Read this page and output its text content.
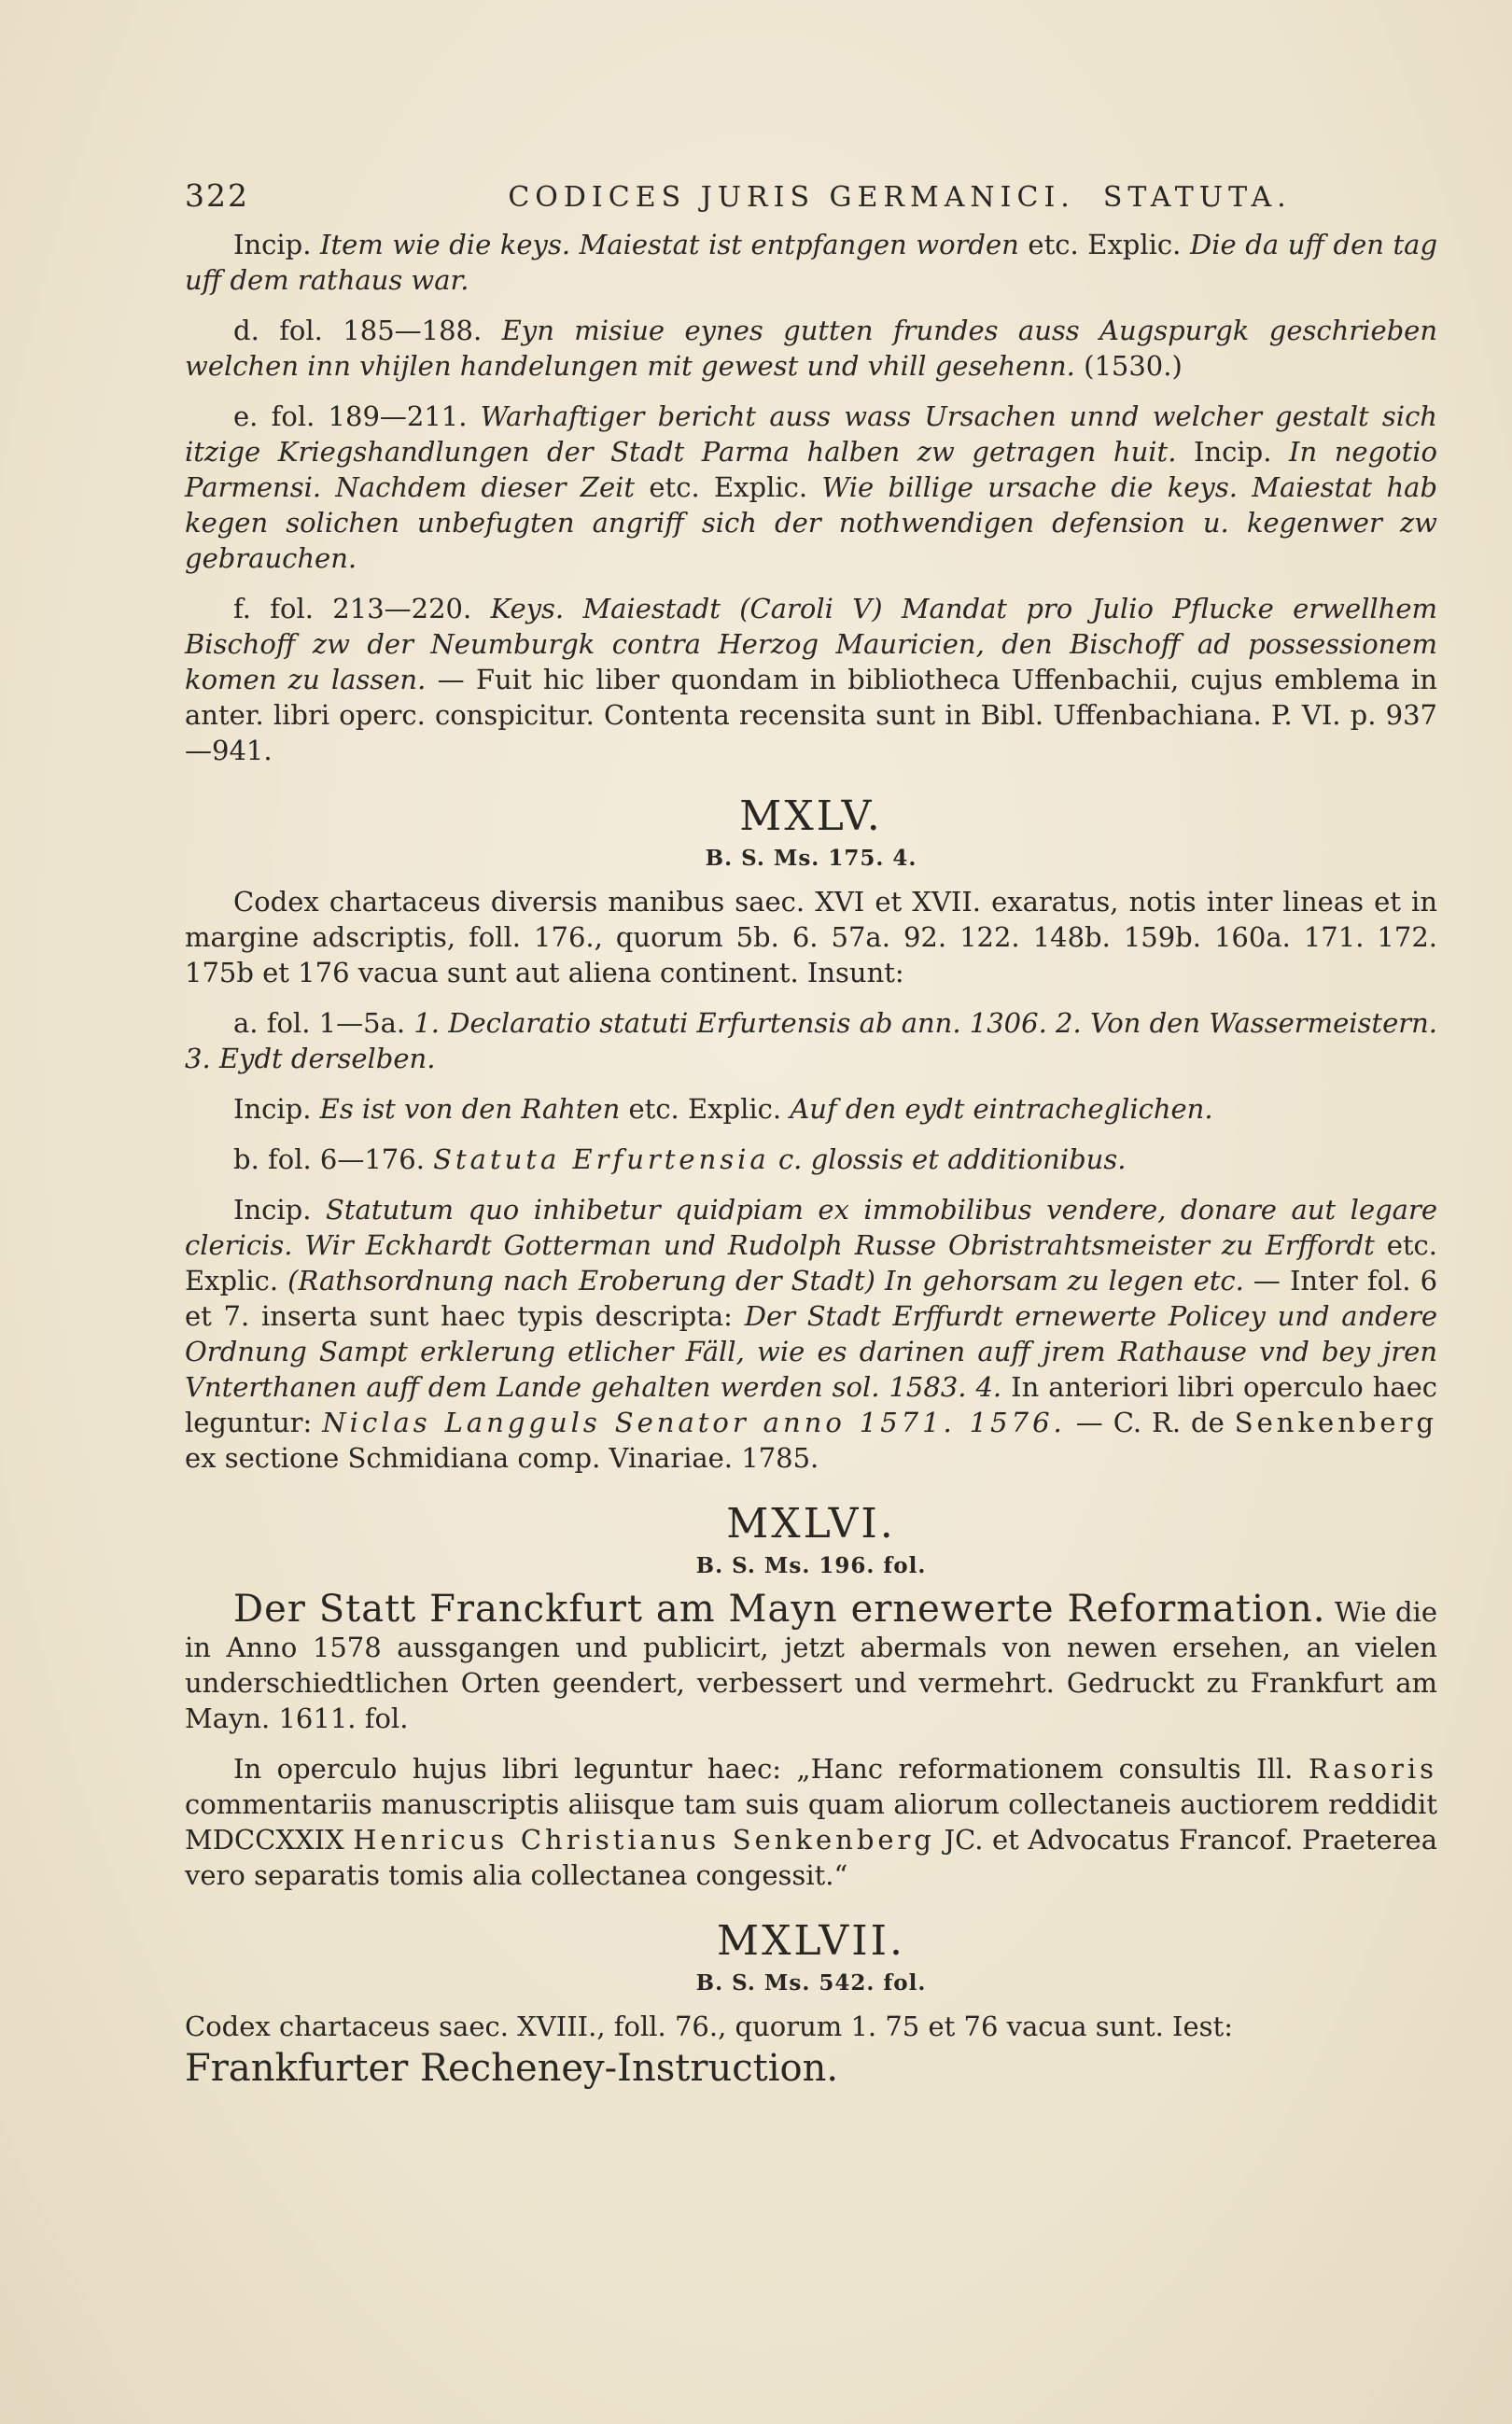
322	CODICES JURIS GERMANICI. STATUTA.

Incip. Item wie die keys. Maiestat ist entpfangen worden etc. Explic. Die da uff den tag uff dem rathaus war.

d. fol. 185—188. Eyn misiue eynes gutten frundes auss Augspurgk geschrieben welchen inn vhijlen handelungen mit gewest und vhill gesehenn. (1530.)

e. fol. 189—211. Warhaftiger bericht auss wass Ursachen unnd welcher gestalt sich itzige Kriegshandlungen der Stadt Parma halben zw getragen huit. Incip. In negotio Parmensi. Nachdem dieser Zeit etc. Explic. Wie billige ursache die keys. Maiestat hab kegen solichen unbefugten angriff sich der nothwendigen defension u. kegenwer zw gebrauchen.

f. fol. 213—220. Keys. Maiestadt (Caroli V) Mandat pro Julio Pflucke erwellhem Bischoff zw der Neumburgk contra Herzog Mauricien, den Bischoff ad possessionem komen zu lassen. — Fuit hic liber quondam in bibliotheca Uffenbachii, cujus emblema in anter. libri operc. conspicitur. Contenta recensita sunt in Bibl. Uffenbachiana. P. VI. p. 937—941.

MXLV.
B. S. Ms. 175. 4.

Codex chartaceus diversis manibus saec. XVI et XVII. exaratus, notis inter lineas et in margine adscriptis, foll. 176., quorum 5b. 6. 57a. 92. 122. 148b. 159b. 160a. 171. 172. 175b et 176 vacua sunt aut aliena continent. Insunt:

a. fol. 1—5a. 1. Declaratio statuti Erfurtensis ab ann. 1306. 2. Von den Wassermeistern. 3. Eydt derselben.

Incip. Es ist von den Rahten etc. Explic. Auf den eydt eintracheglichen.

b. fol. 6—176. Statuta Erfurtensia c. glossis et additionibus.

Incip. Statutum quo inhibetur quidpiam ex immobilibus vendere, donare aut legare clericis. Wir Eckhardt Gotterman und Rudolph Russe Obristrahtsmeister zu Erffordt etc. Explic. (Rathsordnung nach Eroberung der Stadt) In gehorsam zu legen etc. — Inter fol. 6 et 7. inserta sunt haec typis descripta: Der Stadt Erffurdt ernewerte Policey und andere Ordnung Sampt erklerung etlicher Fäll, wie es darinen auff jrem Rathause vnd bey jren Vnterthanen auff dem Lande gehalten werden sol. 1583. 4. In anteriori libri operculo haec leguntur: Niclas Langguls Senator anno 1571. 1576. — C. R. de Senkenberg ex sectione Schmidiana comp. Vinariae. 1785.

MXLVI.
B. S. Ms. 196. fol.

Der Statt Franckfurt am Mayn ernewerte Reformation. Wie die in Anno 1578 aussgangen und publicirt, jetzt abermals von newen ersehen, an vielen underschiedtlichen Orten geendert, verbessert und vermehrt. Gedruckt zu Frankfurt am Mayn. 1611. fol.

In operculo hujus libri leguntur haec: „Hanc reformationem consultis Ill. Rasoris commentariis manuscriptis aliisque tam suis quam aliorum collectaneis auctiorem reddidit MDCCXXIX Henricus Christianus Senkenberg JC. et Advocatus Francof. Praeterea vero separatis tomis alia collectanea congessit.“

MXLVII.
B. S. Ms. 542. fol.

Codex chartaceus saec. XVIII., foll. 76., quorum 1. 75 et 76 vacua sunt. Iest:
Frankfurter Recheney-Instruction.
